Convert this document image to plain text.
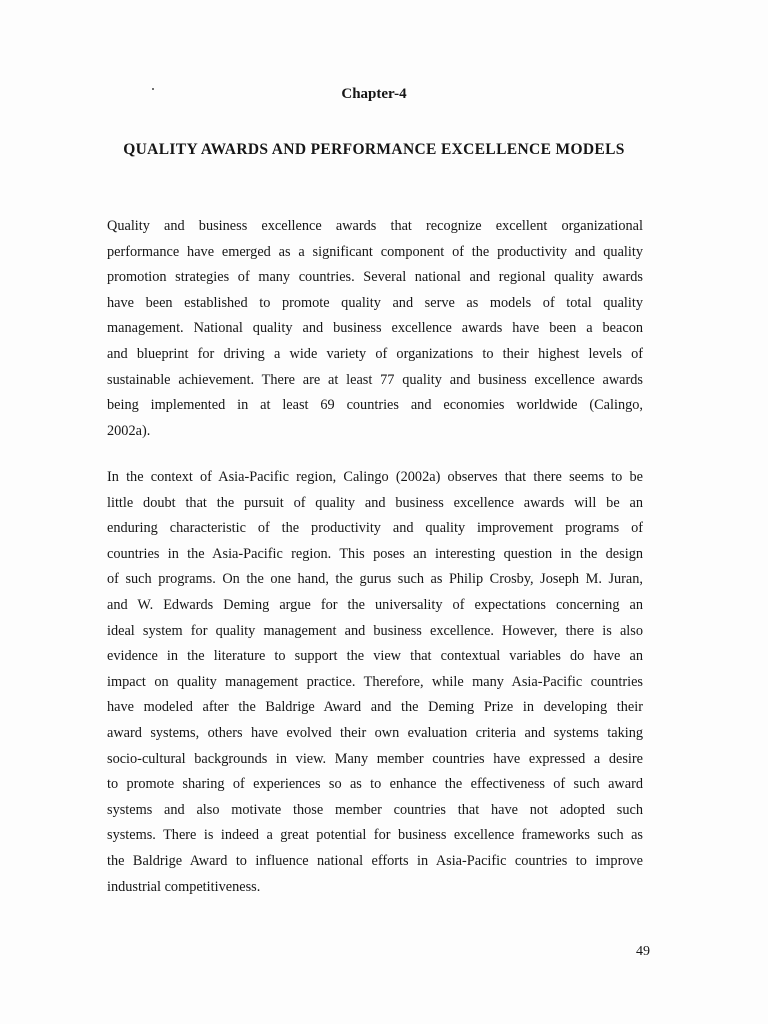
Chapter-4
QUALITY AWARDS AND PERFORMANCE EXCELLENCE MODELS
Quality and business excellence awards that recognize excellent organizational
performance have emerged as a significant component of the productivity and quality
promotion strategies of many countries. Several national and regional quality awards
have been established to promote quality and serve as models of total quality
management. National quality and business excellence awards have been a beacon
and blueprint for driving a wide variety of organizations to their highest levels of
sustainable achievement. There are at least 77 quality and business excellence awards
being implemented in at least 69 countries and economies worldwide (Calingo,
2002a).
In the context of Asia-Pacific region, Calingo (2002a) observes that there seems to be
little doubt that the pursuit of quality and business excellence awards will be an
enduring characteristic of the productivity and quality improvement programs of
countries in the Asia-Pacific region. This poses an interesting question in the design
of such programs. On the one hand, the gurus such as Philip Crosby, Joseph M. Juran,
and W. Edwards Deming argue for the universality of expectations concerning an
ideal system for quality management and business excellence. However, there is also
evidence in the literature to support the view that contextual variables do have an
impact on quality management practice. Therefore, while many Asia-Pacific countries
have modeled after the Baldrige Award and the Deming Prize in developing their
award systems, others have evolved their own evaluation criteria and systems taking
socio-cultural backgrounds in view. Many member countries have expressed a desire
to promote sharing of experiences so as to enhance the effectiveness of such award
systems and also motivate those member countries that have not adopted such
systems. There is indeed a great potential for business excellence frameworks such as
the Baldrige Award to influence national efforts in Asia-Pacific countries to improve
industrial competitiveness.
49
